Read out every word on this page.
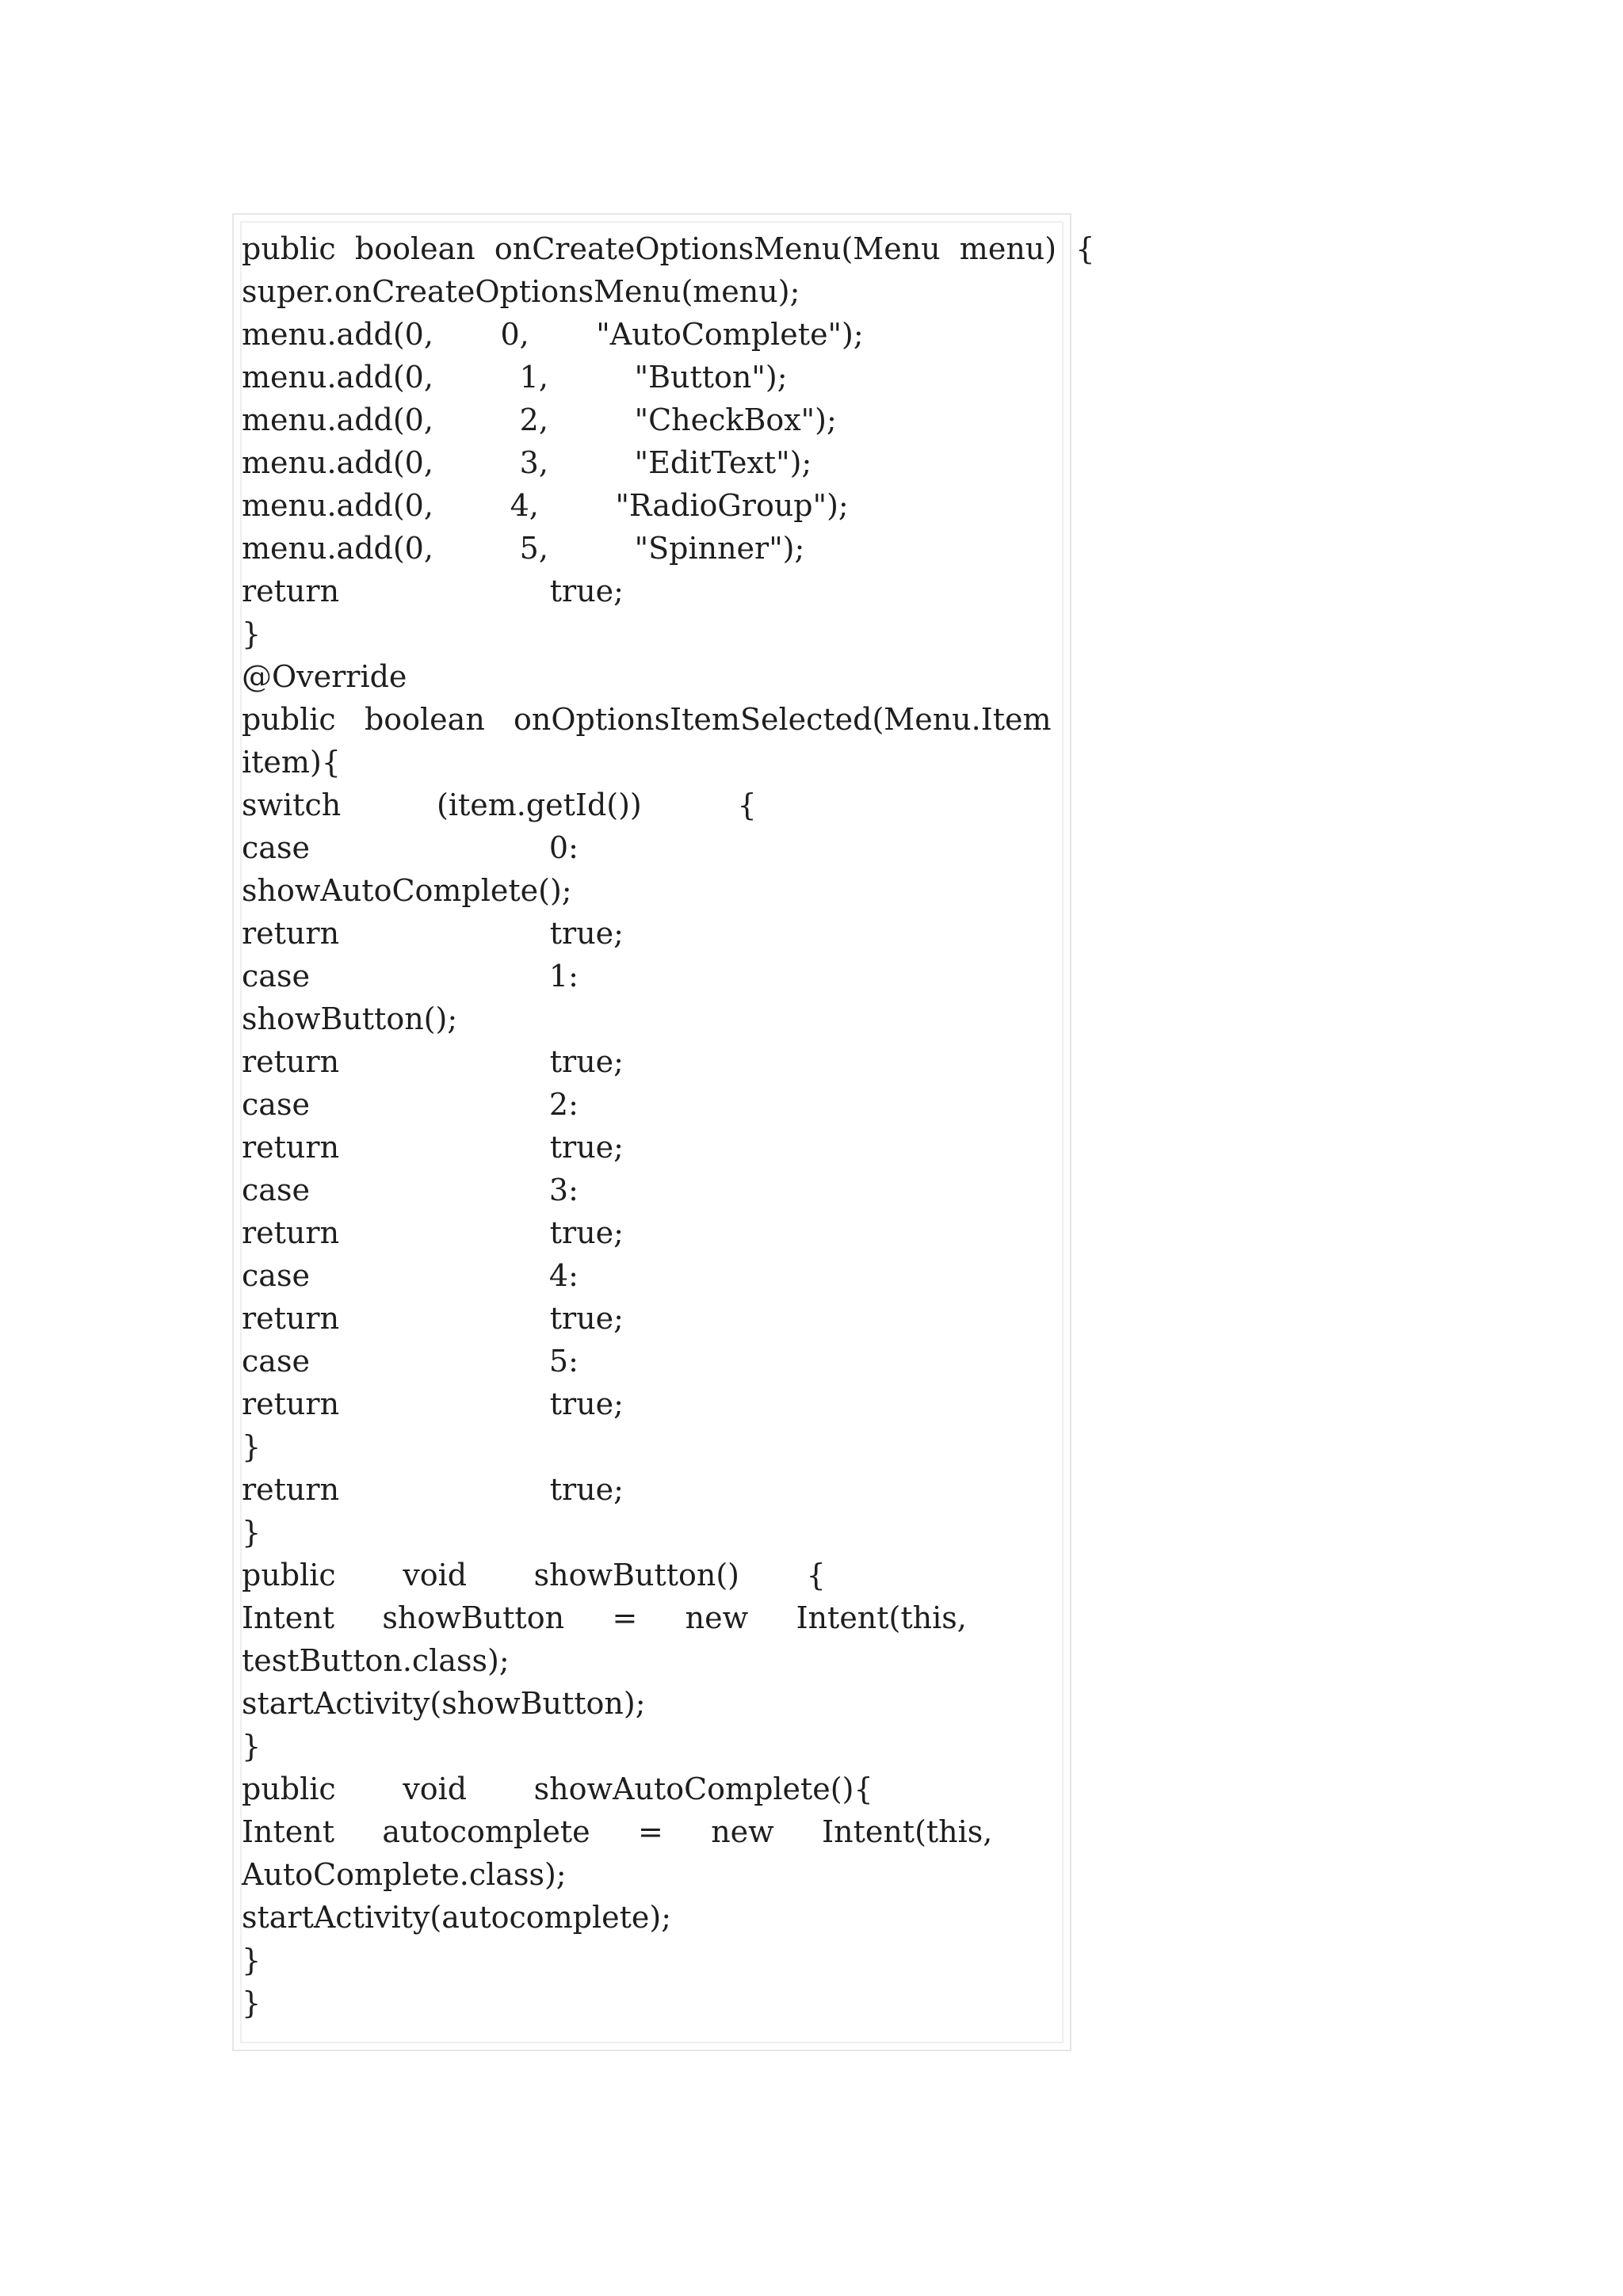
public  boolean  onCreateOptionsMenu(Menu  menu)  {
super.onCreateOptionsMenu(menu);
menu.add(0,       0,       "AutoComplete");
menu.add(0,         1,         "Button");
menu.add(0,         2,         "CheckBox");
menu.add(0,         3,         "EditText");
menu.add(0,        4,        "RadioGroup");
menu.add(0,         5,         "Spinner");
return                      true;
}
@Override
public   boolean   onOptionsItemSelected(Menu.Item
item){
switch          (item.getId())          {
case                         0:
showAutoComplete();
return                      true;
case                         1:
showButton();
return                      true;
case                         2:
return                      true;
case                         3:
return                      true;
case                         4:
return                      true;
case                         5:
return                      true;
}
return                      true;
}
public       void       showButton()       {
Intent     showButton     =     new     Intent(this,
testButton.class);
startActivity(showButton);
}
public       void       showAutoComplete(){
Intent     autocomplete     =     new     Intent(this,
AutoComplete.class);
startActivity(autocomplete);
}
}
